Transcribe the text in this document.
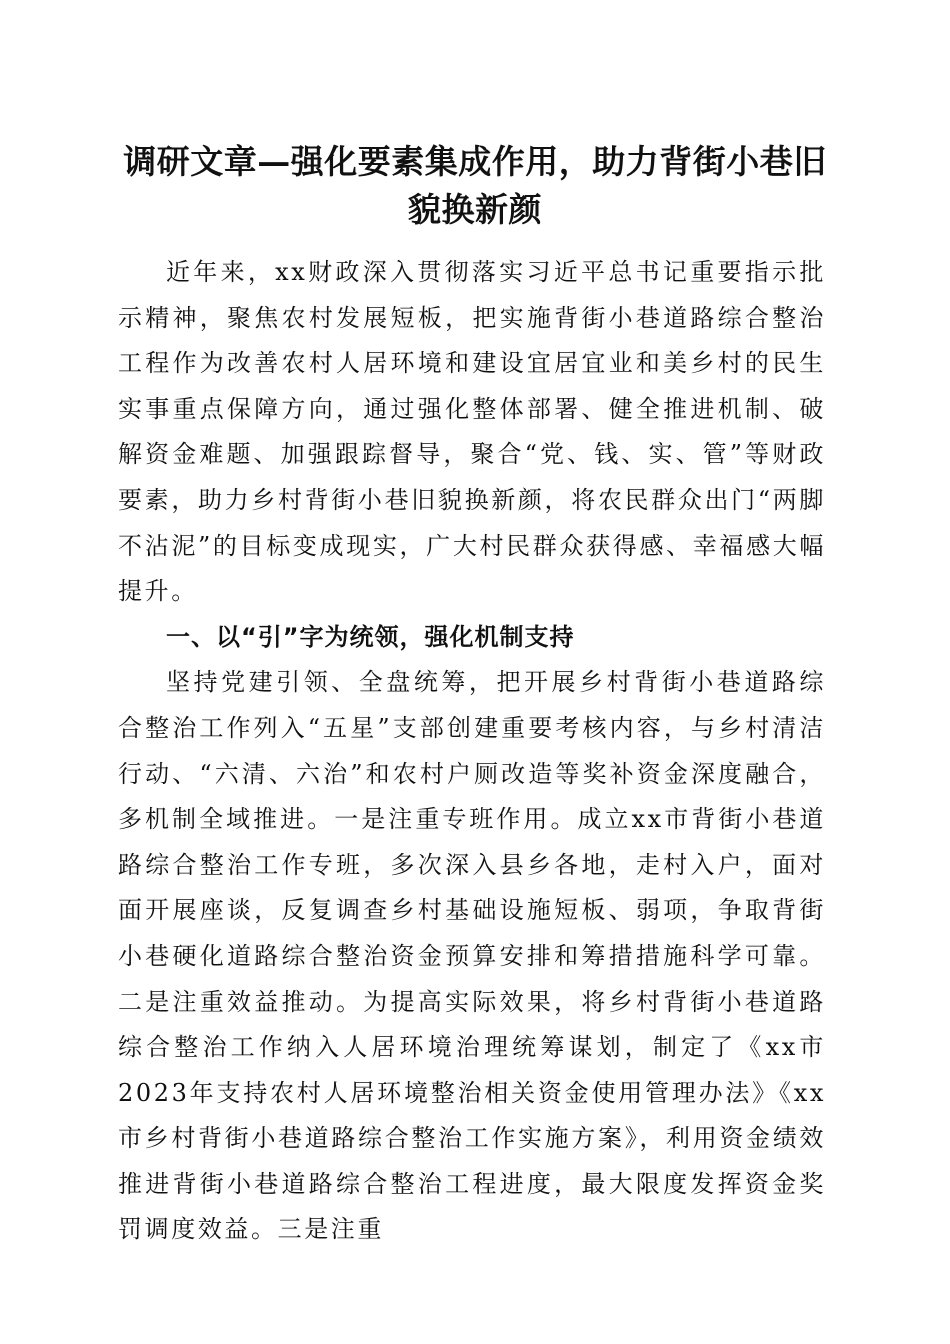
调研文章—强化要素集成作用，助力背街小巷旧貌换新颜

近年来，xx财政深入贯彻落实习近平总书记重要指示批示精神，聚焦农村发展短板，把实施背街小巷道路综合整治工程作为改善农村人居环境和建设宜居宜业和美乡村的民生实事重点保障方向，通过强化整体部署、健全推进机制、破解资金难题、加强跟踪督导，聚合“党、钱、实、管”等财政要素，助力乡村背街小巷旧貌换新颜，将农民群众出门“两脚不沾泥”的目标变成现实，广大村民群众获得感、幸福感大幅提升。

一、以“引”字为统领，强化机制支持

坚持党建引领、全盘统筹，把开展乡村背街小巷道路综合整治工作列入“五星”支部创建重要考核内容，与乡村清洁行动、“六清、六治”和农村户厕改造等奖补资金深度融合，多机制全域推进。一是注重专班作用。成立xx市背街小巷道路综合整治工作专班，多次深入县乡各地，走村入户，面对面开展座谈，反复调查乡村基础设施短板、弱项，争取背街小巷硬化道路综合整治资金预算安排和筹措措施科学可靠。二是注重效益推动。为提高实际效果，将乡村背街小巷道路综合整治工作纳入人居环境治理统筹谋划，制定了《xx市2023年支持农村人居环境整治相关资金使用管理办法》《xx市乡村背街小巷道路综合整治工作实施方案》，利用资金绩效推进背街小巷道路综合整治工程进度，最大限度发挥资金奖罚调度效益。三是注重
